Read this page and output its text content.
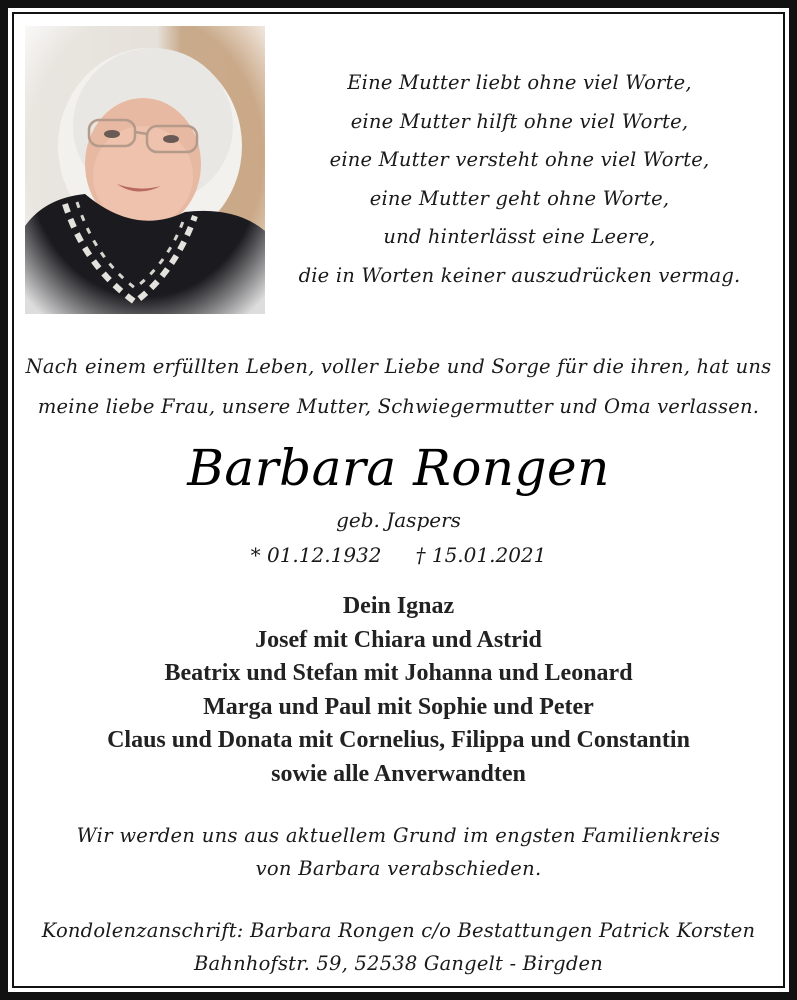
Eine Mutter liebt ohne viel Worte,
eine Mutter hilft ohne viel Worte,
eine Mutter versteht ohne viel Worte,
eine Mutter geht ohne Worte,
und hinterlässt eine Leere,
die in Worten keiner auszudrücken vermag.
Nach einem erfüllten Leben, voller Liebe und Sorge für die ihren, hat uns
meine liebe Frau, unsere Mutter, Schwiegermutter und Oma verlassen.
Barbara Rongen
geb. Jaspers
* 01.12.1932 † 15.01.2021
Dein Ignaz
Josef mit Chiara und Astrid
Beatrix und Stefan mit Johanna und Leonard
Marga und Paul mit Sophie und Peter
Claus und Donata mit Cornelius, Filippa und Constantin
sowie alle Anverwandten
Wir werden uns aus aktuellem Grund im engsten Familienkreis
von Barbara verabschieden.
Kondolenzanschrift: Barbara Rongen c/o Bestattungen Patrick Korsten
Bahnhofstr. 59, 52538 Gangelt - Birgden
